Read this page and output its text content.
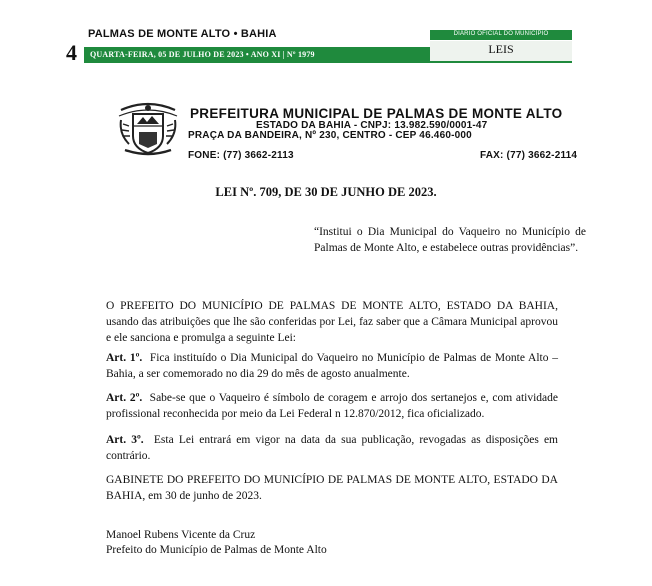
PALMAS DE MONTE ALTO • BAHIA
4 QUARTA-FEIRA, 05 DE JULHO DE 2023 • ANO XI | Nº 1979
DIÁRIO OFICIAL DO MUNICÍPIO
LEIS
PREFEITURA MUNICIPAL DE PALMAS DE MONTE ALTO
ESTADO DA BAHIA - CNPJ: 13.982.590/0001-47
PRAÇA DA BANDEIRA, Nº 230, CENTRO - CEP 46.460-000
FONE: (77) 3662-2113	FAX: (77) 3662-2114
LEI Nº. 709, DE 30 DE JUNHO DE 2023.
“Institui o Dia Municipal do Vaqueiro no Município de Palmas de Monte Alto, e estabelece outras providências”.
O PREFEITO DO MUNICÍPIO DE PALMAS DE MONTE ALTO, ESTADO DA BAHIA, usando das atribuições que lhe são conferidas por Lei, faz saber que a Câmara Municipal aprovou e ele sanciona e promulga a seguinte Lei:
Art. 1º. Fica instituído o Dia Municipal do Vaqueiro no Município de Palmas de Monte Alto – Bahia, a ser comemorado no dia 29 do mês de agosto anualmente.
Art. 2º. Sabe-se que o Vaqueiro é símbolo de coragem e arrojo dos sertanejos e, com atividade profissional reconhecida por meio da Lei Federal n 12.870/2012, fica oficializado.
Art. 3º. Esta Lei entrará em vigor na data da sua publicação, revogadas as disposições em contrário.
GABINETE DO PREFEITO DO MUNICÍPIO DE PALMAS DE MONTE ALTO, ESTADO DA BAHIA, em 30 de junho de 2023.
Manoel Rubens Vicente da Cruz
Prefeito do Município de Palmas de Monte Alto
